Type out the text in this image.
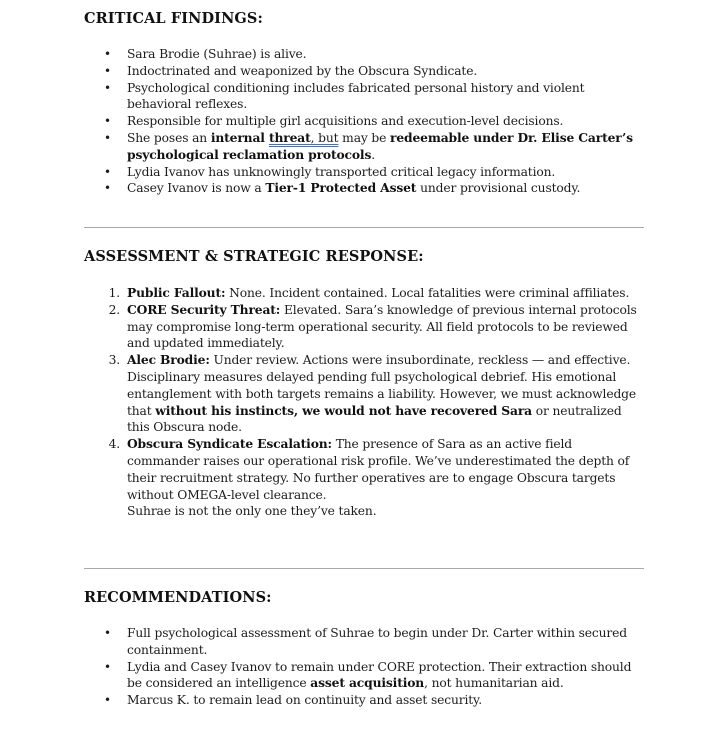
CRITICAL FINDINGS:
• Sara Brodie (Suhrae) is alive.
• Indoctrinated and weaponized by the Obscura Syndicate.
• Psychological conditioning includes fabricated personal history and violent behavioral reflexes.
• Responsible for multiple girl acquisitions and execution-level decisions.
• She poses an internal threat, but may be redeemable under Dr. Elise Carter’s psychological reclamation protocols.
• Lydia Ivanov has unknowingly transported critical legacy information.
• Casey Ivanov is now a Tier-1 Protected Asset under provisional custody.
ASSESSMENT & STRATEGIC RESPONSE:
1. Public Fallout: None. Incident contained. Local fatalities were criminal affiliates.
2. CORE Security Threat: Elevated. Sara’s knowledge of previous internal protocols may compromise long-term operational security. All field protocols to be reviewed and updated immediately.
3. Alec Brodie: Under review. Actions were insubordinate, reckless — and effective. Disciplinary measures delayed pending full psychological debrief. His emotional entanglement with both targets remains a liability. However, we must acknowledge that without his instincts, we would not have recovered Sara or neutralized this Obscura node.
4. Obscura Syndicate Escalation: The presence of Sara as an active field commander raises our operational risk profile. We’ve underestimated the depth of their recruitment strategy. No further operatives are to engage Obscura targets without OMEGA-level clearance.
Suhrae is not the only one they’ve taken.
RECOMMENDATIONS:
• Full psychological assessment of Suhrae to begin under Dr. Carter within secured containment.
• Lydia and Casey Ivanov to remain under CORE protection. Their extraction should be considered an intelligence asset acquisition, not humanitarian aid.
• Marcus K. to remain lead on continuity and asset security.
